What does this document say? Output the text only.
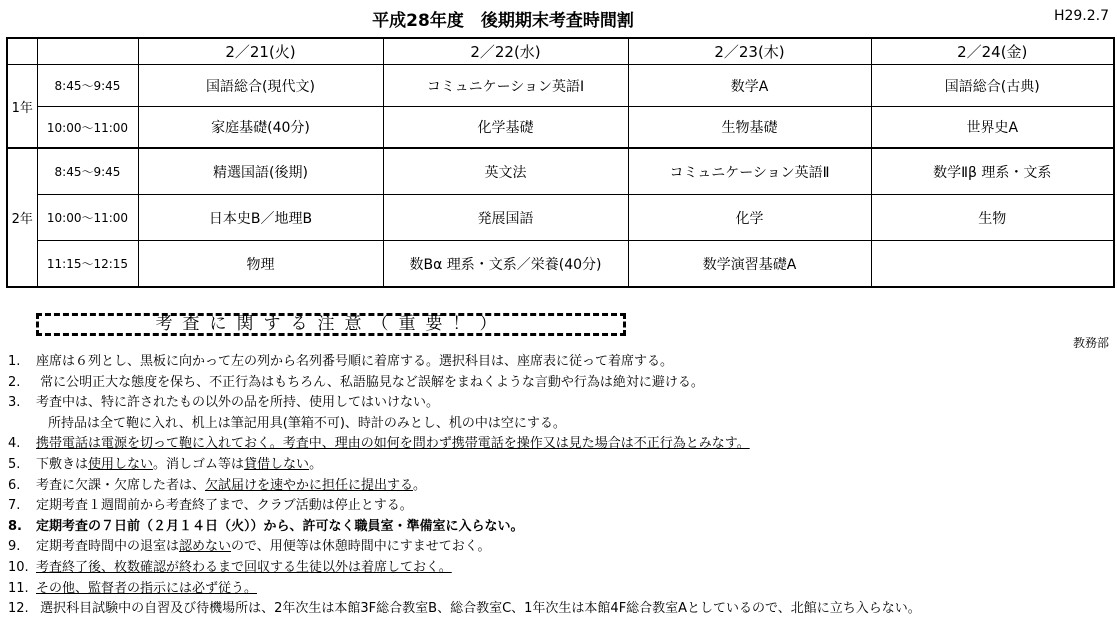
平成28年度　後期期末考査時間割	H29.2.7
		2／21(火)	2／22(水)	2／23(木)	2／24(金)
1年	8:45～9:45	国語総合(現代文)	コミュニケーション英語Ⅰ	数学A	国語総合(古典)
	10:00～11:00	家庭基礎(40分)	化学基礎	生物基礎	世界史A
2年	8:45～9:45	精選国語(後期)	英文法	コミュニケーション英語Ⅱ	数学Ⅱβ 理系・文系
	10:00～11:00	日本史B／地理B	発展国語	化学	生物
	11:15～12:15	物理	数Bα 理系・文系／栄養(40分)	数学演習基礎A	
考査に関する注意（重要！）
教務部
1. 座席は６列とし、黒板に向かって左の列から名列番号順に着席する。選択科目は、座席表に従って着席する。
2. 常に公明正大な態度を保ち、不正行為はもちろん、私語脇見など誤解をまねくような言動や行為は絶対に避ける。
3. 考査中は、特に許されたもの以外の品を所持、使用してはいけない。
所持品は全て鞄に入れ、机上は筆記用具(筆箱不可)、時計のみとし、机の中は空にする。
4. 携帯電話は電源を切って鞄に入れておく。考査中、理由の如何を問わず携帯電話を操作又は見た場合は不正行為とみなす。
5. 下敷きは使用しない。消しゴム等は貸借しない。
6. 考査に欠課・欠席した者は、欠試届けを速やかに担任に提出する。
7. 定期考査１週間前から考査終了まで、クラブ活動は停止とする。
8. 定期考査の７日前（２月１４日（火））から、許可なく職員室・準備室に入らない。
9. 定期考査時間中の退室は認めないので、用便等は休憩時間中にすませておく。
10. 考査終了後、枚数確認が終わるまで回収する生徒以外は着席しておく。
11. その他、監督者の指示には必ず従う。
12. 選択科目試験中の自習及び待機場所は、2年次生は本館3F総合教室B、総合教室C、1年次生は本館4F総合教室Aとしているので、北館に立ち入らない。
